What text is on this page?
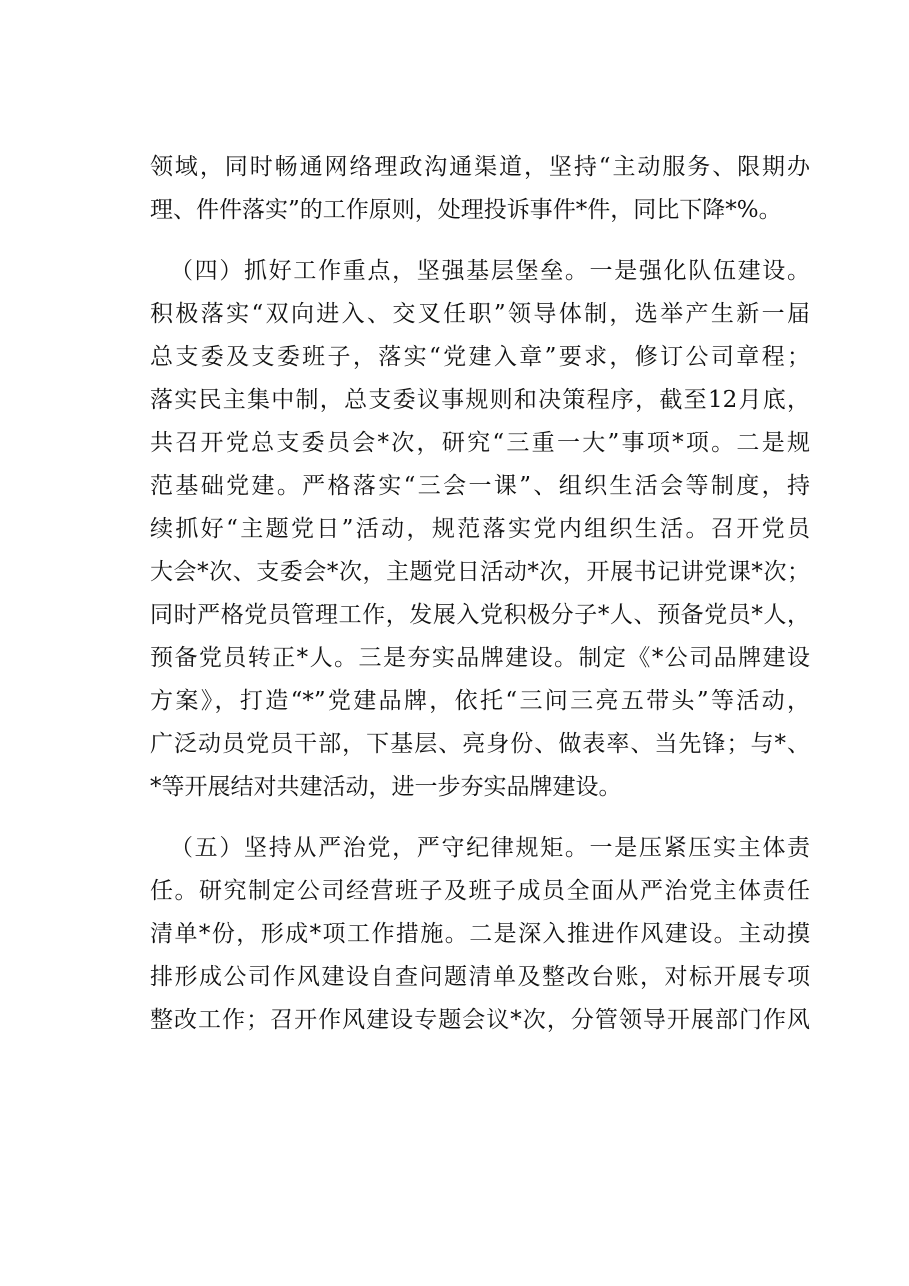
领域，同时畅通网络理政沟通渠道，坚持“主动服务、限期办
理、件件落实”的工作原则，处理投诉事件*件，同比下降*%。
（四）抓好工作重点，坚强基层堡垒。一是强化队伍建设。
积极落实“双向进入、交叉任职”领导体制，选举产生新一届
总支委及支委班子，落实“党建入章”要求，修订公司章程；
落实民主集中制，总支委议事规则和决策程序，截至12月底，
共召开党总支委员会*次，研究“三重一大”事项*项。二是规
范基础党建。严格落实“三会一课”、组织生活会等制度，持
续抓好“主题党日”活动，规范落实党内组织生活。召开党员
大会*次、支委会*次，主题党日活动*次，开展书记讲党课*次；
同时严格党员管理工作，发展入党积极分子*人、预备党员*人，
预备党员转正*人。三是夯实品牌建设。制定《*公司品牌建设
方案》，打造“*”党建品牌，依托“三问三亮五带头”等活动，
广泛动员党员干部，下基层、亮身份、做表率、当先锋；与*、
*等开展结对共建活动，进一步夯实品牌建设。
（五）坚持从严治党，严守纪律规矩。一是压紧压实主体责
任。研究制定公司经营班子及班子成员全面从严治党主体责任
清单*份，形成*项工作措施。二是深入推进作风建设。主动摸
排形成公司作风建设自查问题清单及整改台账，对标开展专项
整改工作；召开作风建设专题会议*次，分管领导开展部门作风
